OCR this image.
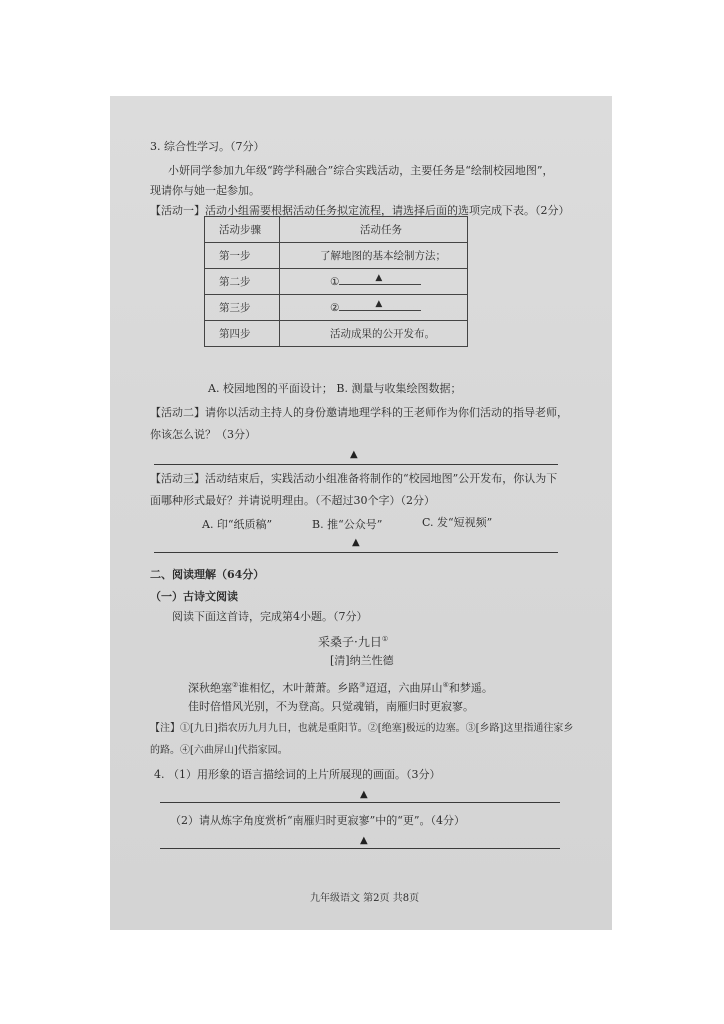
3. 综合性学习。（7分）
小妍同学参加九年级“跨学科融合”综合实践活动，主要任务是“绘制校园地图”，
现请你与她一起参加。
【活动一】活动小组需要根据活动任务拟定流程，请选择后面的选项完成下表。（2分）
活动步骤	活动任务
第一步	了解地图的基本绘制方法；
第二步	① ▲

第三步	② ▲

第四步	活动成果的公开发布。
A. 校园地图的平面设计； B. 测量与收集绘图数据；
【活动二】请你以活动主持人的身份邀请地理学科的王老师作为你们活动的指导老师，
你该怎么说？（3分）
▲
【活动三】活动结束后，实践活动小组准备将制作的“校园地图”公开发布，你认为下
面哪种形式最好？并请说明理由。（不超过30个字）（2分）
A. 印“纸质稿”	B. 推“公众号”	C. 发“短视频”
▲
二、阅读理解（64分）
（一）古诗文阅读
阅读下面这首诗，完成第4小题。（7分）
采桑子·九日①
[清]纳兰性德
深秋绝塞②谁相忆，木叶萧萧。乡路③迢迢，六曲屏山④和梦遥。
佳时倍惜风光别，不为登高。只觉魂销，南雁归时更寂寥。
【注】①[九日]指农历九月九日，也就是重阳节。②[绝塞]极远的边塞。③[乡路]这里指通往家乡
的路。④[六曲屏山]代指家园。
4. （1）用形象的语言描绘词的上片所展现的画面。（3分）
▲
（2）请从炼字角度赏析“南雁归时更寂寥”中的“更”。（4分）
▲
九年级语文 第2页 共8页
